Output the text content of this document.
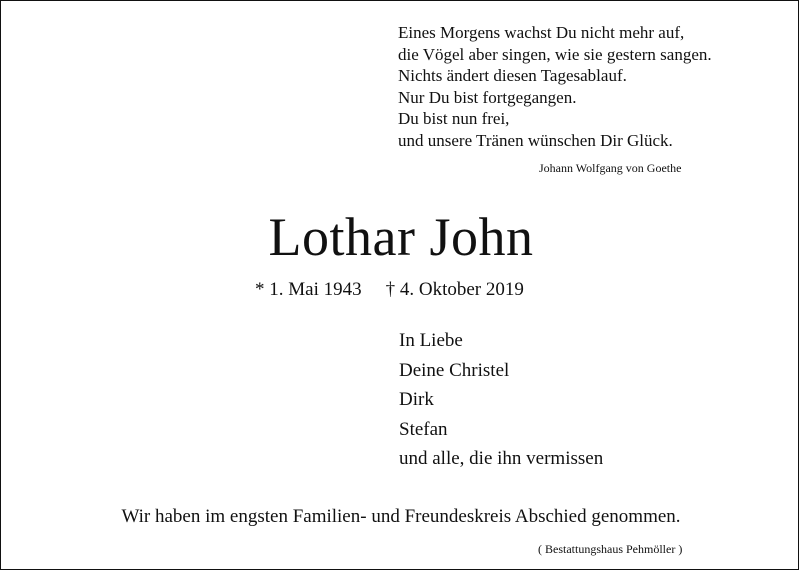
Eines Morgens wachst Du nicht mehr auf,
die Vögel aber singen, wie sie gestern sangen.
Nichts ändert diesen Tagesablauf.
Nur Du bist fortgegangen.
Du bist nun frei,
und unsere Tränen wünschen Dir Glück.
Johann Wolfgang von Goethe
Lothar John
* 1. Mai 1943 † 4. Oktober 2019
In Liebe
Deine Christel
Dirk
Stefan
und alle, die ihn vermissen
Wir haben im engsten Familien- und Freundeskreis Abschied genommen.
( Bestattungshaus Pehmöller )
